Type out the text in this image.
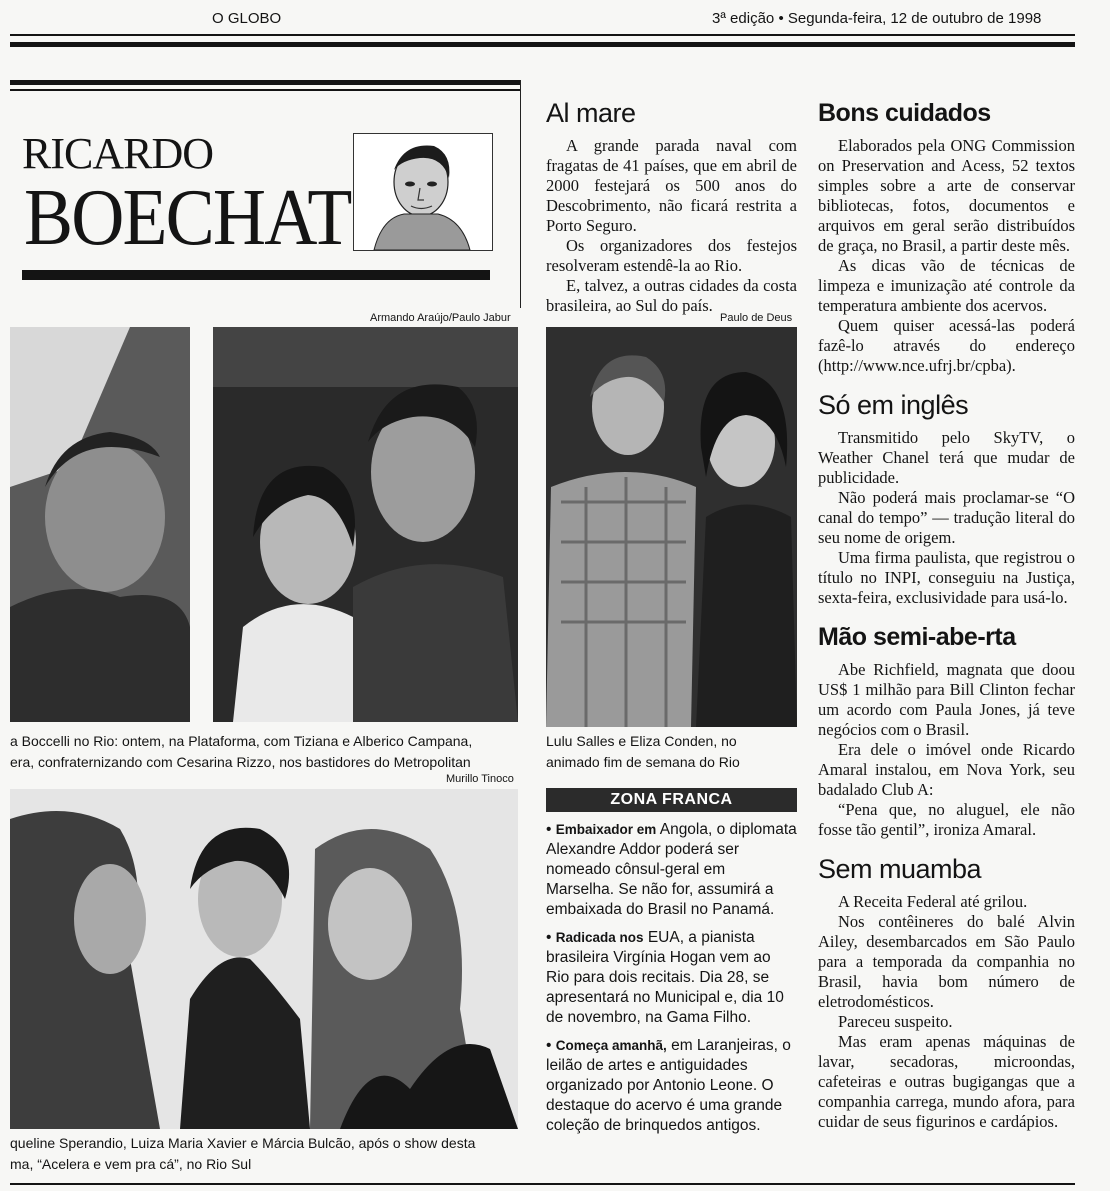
O GLOBO	3ª edição • Segunda-feira, 12 de outubro de 1998
RICARDO
BOECHAT
Armando Araújo/Paulo Jabur	Paulo de Deus
Murillo Tinoco
a Boccelli no Rio: ontem, na Plataforma, com Tiziana e Alberico Campana,
era, confraternizando com Cesarina Rizzo, nos bastidores do Metropolitan
Lulu Salles e Eliza Conden, no
animado fim de semana do Rio
queline Sperandio, Luiza Maria Xavier e Márcia Bulcão, após o show desta
ma, “Acelera e vem pra cá”, no Rio Sul
Al mare

A grande parada naval com fragatas de 41 países, que em abril de 2000 festejará os 500 anos do Descobrimento, não ficará restrita a Porto Seguro.

Os organizadores dos festejos resolveram estendê-la ao Rio.

E, talvez, a outras cidades da costa brasileira, ao Sul do país.

ZONA FRANCA

• Embaixador em Angola, o diplomata Alexandre Addor poderá ser nomeado cônsul-geral em Marselha. Se não for, assumirá a embaixada do Brasil no Panamá.

• Radicada nos EUA, a pianista brasileira Virgínia Hogan vem ao Rio para dois recitais. Dia 28, se apresentará no Municipal e, dia 10 de novembro, na Gama Filho.

• Começa amanhã, em Laranjeiras, o leilão de artes e antiguidades organizado por Antonio Leone. O destaque do acervo é uma grande coleção de brinquedos antigos.

Bons cuidados

Elaborados pela ONG Commission on Preservation and Acess, 52 textos simples sobre a arte de conservar bibliotecas, fotos, documentos e arquivos em geral serão distribuídos de graça, no Brasil, a partir deste mês.

As dicas vão de técnicas de limpeza e imunização até controle da temperatura ambiente dos acervos.

Quem quiser acessá-las poderá fazê-lo através do endereço (http://www.nce.ufrj.br/cpba).

Só em inglês

Transmitido pelo SkyTV, o Weather Chanel terá que mudar de publicidade.

Não poderá mais proclamar-se “O canal do tempo” — tradução literal do seu nome de origem.

Uma firma paulista, que registrou o título no INPI, conseguiu na Justiça, sexta-feira, exclusividade para usá-lo.

Mão semi-abe-rta

Abe Richfield, magnata que doou US$ 1 milhão para Bill Clinton fechar um acordo com Paula Jones, já teve negócios com o Brasil.

Era dele o imóvel onde Ricardo Amaral instalou, em Nova York, seu badalado Club A:

“Pena que, no aluguel, ele não fosse tão gentil”, ironiza Amaral.

Sem muamba

A Receita Federal até grilou.

Nos contêineres do balé Alvin Ailey, desembarcados em São Paulo para a temporada da companhia no Brasil, havia bom número de eletrodomésticos.

Pareceu suspeito.

Mas eram apenas máquinas de lavar, secadoras, microondas, cafeteiras e outras bugigangas que a companhia carrega, mundo afora, para cuidar de seus figurinos e cardápios.
